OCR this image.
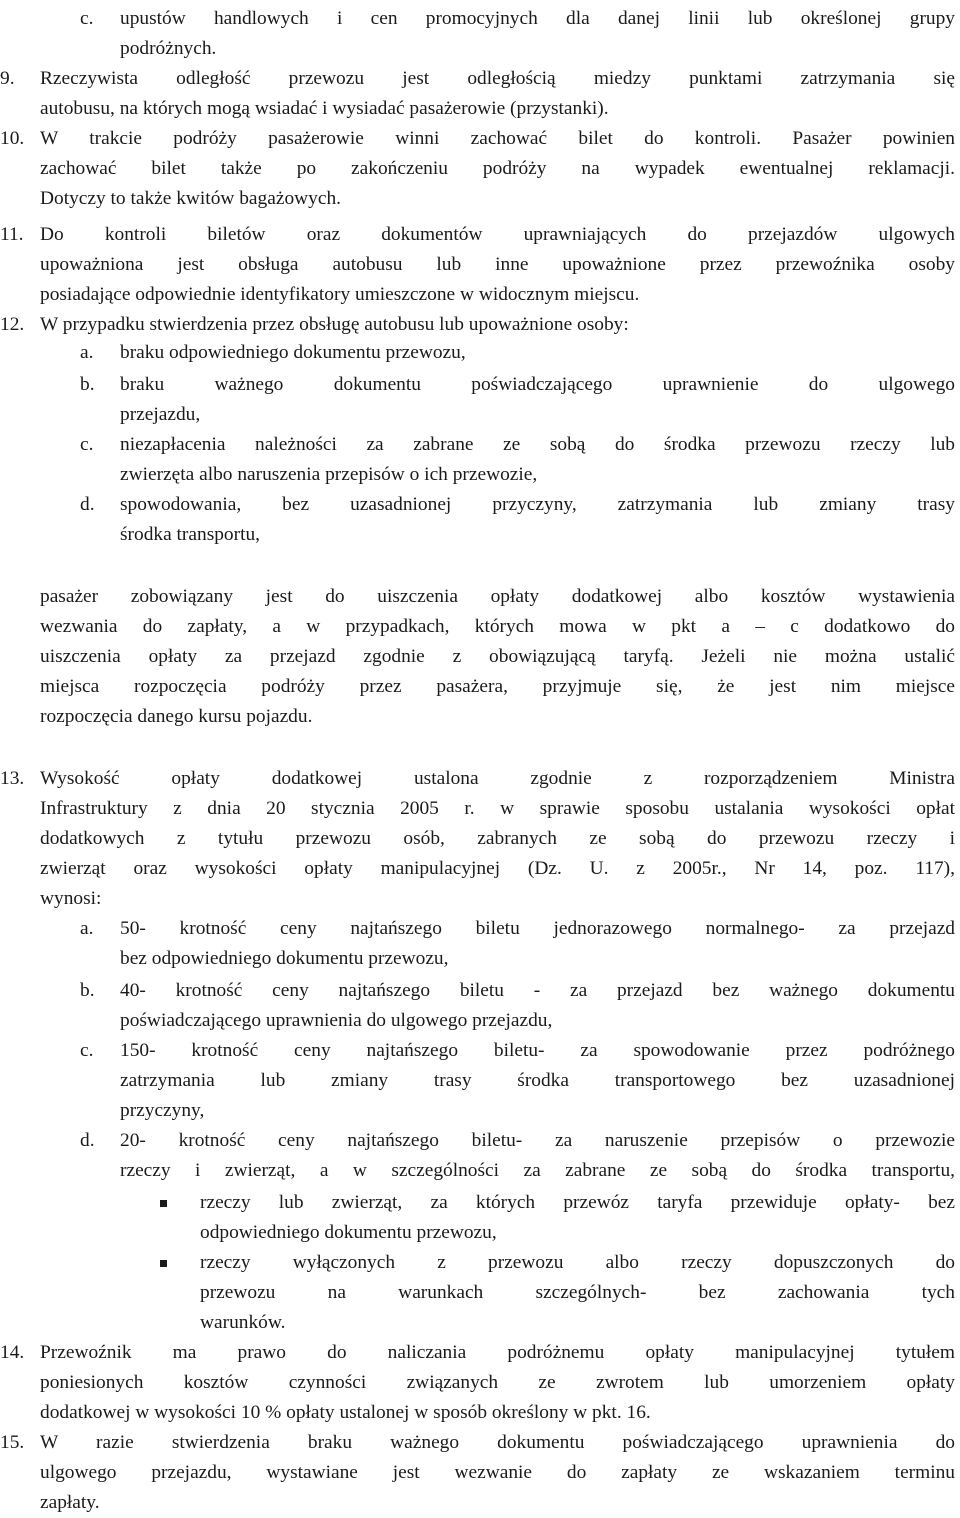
c. upustów handlowych i cen promocyjnych dla danej linii lub określonej grupy
podróżnych.
9. Rzeczywista odległość przewozu jest odległością miedzy punktami zatrzymania się
autobusu, na których mogą wsiadać i wysiadać pasażerowie (przystanki).
10. W trakcie podróży pasażerowie winni zachować bilet do kontroli. Pasażer powinien
zachować bilet także po zakończeniu podróży na wypadek ewentualnej reklamacji.
Dotyczy to także kwitów bagażowych.
11. Do kontroli biletów oraz dokumentów uprawniających do przejazdów ulgowych
upoważniona jest obsługa autobusu lub inne upoważnione przez przewoźnika osoby
posiadające odpowiednie identyfikatory umieszczone w widocznym miejscu.
12. W przypadku stwierdzenia przez obsługę autobusu lub upoważnione osoby:
a. braku odpowiedniego dokumentu przewozu,
b. braku ważnego dokumentu poświadczającego uprawnienie do ulgowego
przejazdu,
c. niezapłacenia należności za zabrane ze sobą do środka przewozu rzeczy lub
zwierzęta albo naruszenia przepisów o ich przewozie,
d. spowodowania, bez uzasadnionej przyczyny, zatrzymania lub zmiany trasy
środka transportu,
pasażer zobowiązany jest do uiszczenia opłaty dodatkowej albo kosztów wystawienia
wezwania do zapłaty, a w przypadkach, których mowa w pkt a – c dodatkowo do
uiszczenia opłaty za przejazd zgodnie z obowiązującą taryfą. Jeżeli nie można ustalić
miejsca rozpoczęcia podróży przez pasażera, przyjmuje się, że jest nim miejsce
rozpoczęcia danego kursu pojazdu.
13. Wysokość opłaty dodatkowej ustalona zgodnie z rozporządzeniem Ministra
Infrastruktury z dnia 20 stycznia 2005 r. w sprawie sposobu ustalania wysokości opłat
dodatkowych z tytułu przewozu osób, zabranych ze sobą do przewozu rzeczy i
zwierząt oraz wysokości opłaty manipulacyjnej (Dz. U. z 2005r., Nr 14, poz. 117),
wynosi:
a. 50- krotność ceny najtańszego biletu jednorazowego normalnego- za przejazd
bez odpowiedniego dokumentu przewozu,
b. 40- krotność ceny najtańszego biletu - za przejazd bez ważnego dokumentu
poświadczającego uprawnienia do ulgowego przejazdu,
c. 150- krotność ceny najtańszego biletu- za spowodowanie przez podróżnego
zatrzymania lub zmiany trasy środka transportowego bez uzasadnionej
przyczyny,
d. 20- krotność ceny najtańszego biletu- za naruszenie przepisów o przewozie
rzeczy i zwierząt, a w szczególności za zabrane ze sobą do środka transportu,
rzeczy lub zwierząt, za których przewóz taryfa przewiduje opłaty- bez
odpowiedniego dokumentu przewozu,
rzeczy wyłączonych z przewozu albo rzeczy dopuszczonych do
przewozu na warunkach szczególnych- bez zachowania tych
warunków.
14. Przewoźnik ma prawo do naliczania podróżnemu opłaty manipulacyjnej tytułem
poniesionych kosztów czynności związanych ze zwrotem lub umorzeniem opłaty
dodatkowej w wysokości 10 % opłaty ustalonej w sposób określony w pkt. 16.
15. W razie stwierdzenia braku ważnego dokumentu poświadczającego uprawnienia do
ulgowego przejazdu, wystawiane jest wezwanie do zapłaty ze wskazaniem terminu
zapłaty.
